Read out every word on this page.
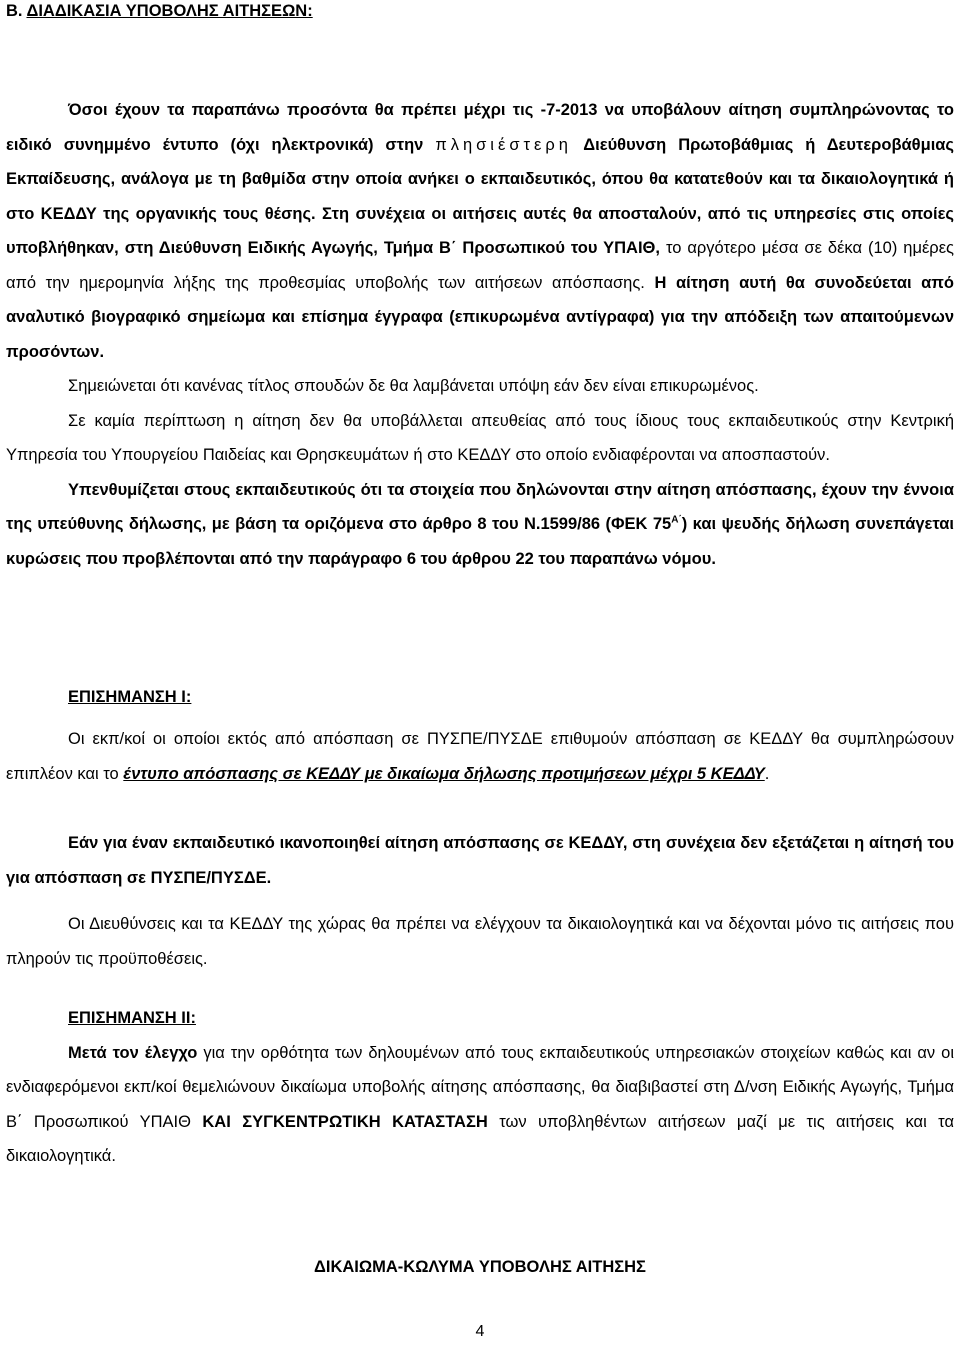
Β. ΔΙΑΔΙΚΑΣΙΑ ΥΠΟΒΟΛΗΣ ΑΙΤΗΣΕΩΝ:
Όσοι έχουν τα παραπάνω προσόντα θα πρέπει μέχρι τις -7-2013 να υποβάλουν αίτηση συμπληρώνοντας το ειδικό συνημμένο έντυπο (όχι ηλεκτρονικά) στην πλησιέστερη Διεύθυνση Πρωτοβάθμιας ή Δευτεροβάθμιας Εκπαίδευσης, ανάλογα με τη βαθμίδα στην οποία ανήκει ο εκπαιδευτικός, όπου θα κατατεθούν και τα δικαιολογητικά ή στο ΚΕΔΔΥ της οργανικής τους θέσης. Στη συνέχεια οι αιτήσεις αυτές θα αποσταλούν, από τις υπηρεσίες στις οποίες υποβλήθηκαν, στη Διεύθυνση Ειδικής Αγωγής, Τμήμα Β΄ Προσωπικού του ΥΠΑΙΘ, το αργότερο μέσα σε δέκα (10) ημέρες από την ημερομηνία λήξης της προθεσμίας υποβολής των αιτήσεων απόσπασης. Η αίτηση αυτή θα συνοδεύεται από αναλυτικό βιογραφικό σημείωμα και επίσημα έγγραφα (επικυρωμένα αντίγραφα) για την απόδειξη των απαιτούμενων προσόντων.
Σημειώνεται ότι κανένας τίτλος σπουδών δε θα λαμβάνεται υπόψη εάν δεν είναι επικυρωμένος.
Σε καμία περίπτωση η αίτηση δεν θα υποβάλλεται απευθείας από τους ίδιους τους εκπαιδευτικούς στην Κεντρική Υπηρεσία του Υπουργείου Παιδείας και Θρησκευμάτων ή στο ΚΕΔΔΥ στο οποίο ενδιαφέρονται να αποσπαστούν.
Υπενθυμίζεται στους εκπαιδευτικούς ότι τα στοιχεία που δηλώνονται στην αίτηση απόσπασης, έχουν την έννοια της υπεύθυνης δήλωσης, με βάση τα οριζόμενα στο άρθρο 8 του Ν.1599/86 (ΦΕΚ $75^{A΄}$) και ψευδής δήλωση συνεπάγεται κυρώσεις που προβλέπονται από την παράγραφο 6 του άρθρου 22 του παραπάνω νόμου.
ΕΠΙΣΗΜΑΝΣΗ Ι:
Οι εκπ/κοί οι οποίοι εκτός από απόσπαση σε ΠΥΣΠΕ/ΠΥΣΔΕ επιθυμούν απόσπαση σε ΚΕΔΔΥ θα συμπληρώσουν επιπλέον και το έντυπο απόσπασης σε ΚΕΔΔΥ με δικαίωμα δήλωσης προτιμήσεων μέχρι 5 ΚΕΔΔΥ.
Εάν για έναν εκπαιδευτικό ικανοποιηθεί αίτηση απόσπασης σε ΚΕΔΔΥ, στη συνέχεια δεν εξετάζεται η αίτησή του για απόσπαση σε ΠΥΣΠΕ/ΠΥΣΔΕ.
Οι Διευθύνσεις και τα ΚΕΔΔΥ της χώρας θα πρέπει να ελέγχουν τα δικαιολογητικά και να δέχονται μόνο τις αιτήσεις που πληρούν τις προϋποθέσεις.
ΕΠΙΣΗΜΑΝΣΗ ΙΙ:
Μετά τον έλεγχο για την ορθότητα των δηλουμένων από τους εκπαιδευτικούς υπηρεσιακών στοιχείων καθώς και αν οι ενδιαφερόμενοι εκπ/κοί θεμελιώνουν δικαίωμα υποβολής αίτησης απόσπασης, θα διαβιβαστεί στη Δ/νση Ειδικής Αγωγής, Τμήμα Β΄ Προσωπικού ΥΠΑΙΘ ΚΑΙ ΣΥΓΚΕΝΤΡΩΤΙΚΗ ΚΑΤΑΣΤΑΣΗ των υποβληθέντων αιτήσεων μαζί με τις αιτήσεις και τα δικαιολογητικά.
ΔΙΚΑΙΩΜΑ-ΚΩΛΥΜΑ ΥΠΟΒΟΛΗΣ ΑΙΤΗΣΗΣ
4
